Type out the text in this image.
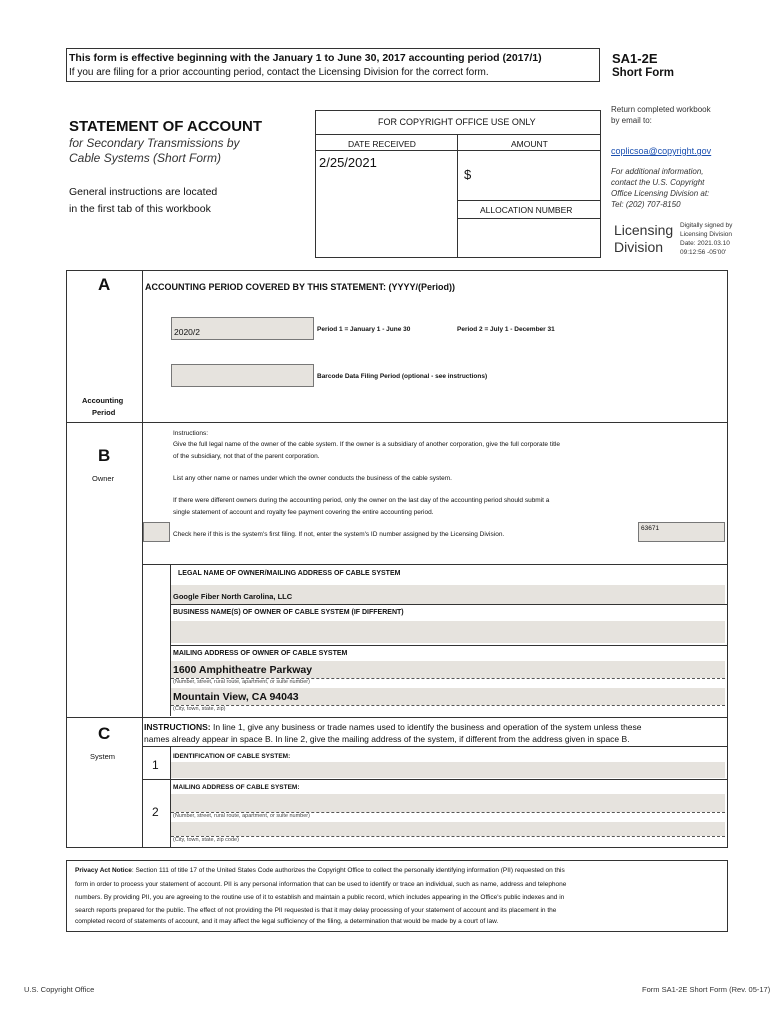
This form is effective beginning with the January 1 to June 30, 2017 accounting period (2017/1)
If you are filing for a prior accounting period, contact the Licensing Division for the correct form.
SA1-2E
Short Form
STATEMENT OF ACCOUNT
for Secondary Transmissions by
Cable Systems (Short Form)
General instructions are located
in the first tab of this workbook
FOR COPYRIGHT OFFICE USE ONLY
DATE RECEIVED	AMOUNT
2/25/2021
$
ALLOCATION NUMBER
Return completed workbook
by email to:
coplicsoa@copyright.gov
For additional information,
contact the U.S. Copyright
Office Licensing Division at:
Tel: (202) 707-8150
Licensing
Division
Digitally signed by
Licensing Division
Date: 2021.03.10
09:12:56 -05'00'
A
Accounting
Period
ACCOUNTING PERIOD COVERED BY THIS STATEMENT: (YYYY/(Period))
2020/2	Period 1 = January 1 - June 30	Period 2 = July 1 - December 31
Barcode Data Filing Period (optional - see instructions)
B
Owner
Instructions:
Give the full legal name of the owner of the cable system. If the owner is a subsidiary of another corporation, give the full corporate title
of the subsidiary, not that of the parent corporation.
List any other name or names under which the owner conducts the business of the cable system.
If there were different owners during the accounting period, only the owner on the last day of the accounting period should submit a
single statement of account and royalty fee payment covering the entire accounting period.
Check here if this is the system's first filing. If not, enter the system's ID number assigned by the Licensing Division.
63671
LEGAL NAME OF OWNER/MAILING ADDRESS OF CABLE SYSTEM
Google Fiber North Carolina, LLC
BUSINESS NAME(S) OF OWNER OF CABLE SYSTEM (IF DIFFERENT)
MAILING ADDRESS OF OWNER OF CABLE SYSTEM
1600 Amphitheatre Parkway
(Number, street, rural route, apartment, or suite number)
Mountain View, CA 94043
(City, town, state, zip)
C
System
INSTRUCTIONS: In line 1, give any business or trade names used to identify the business and operation of the system unless these
names already appear in space B. In line 2, give the mailing address of the system, if different from the address given in space B.
1
IDENTIFICATION OF CABLE SYSTEM:
2
MAILING ADDRESS OF CABLE SYSTEM:
(Number, street, rural route, apartment, or suite number)
(City, town, state, zip code)
Privacy Act Notice: Section 111 of title 17 of the United States Code authorizes the Copyright Office to collect the personally identifying information (PII) requested on this
form in order to process your statement of account. PII is any personal information that can be used to identify or trace an individual, such as name, address and telephone
numbers. By providing PII, you are agreeing to the routine use of it to establish and maintain a public record, which includes appearing in the Office's public indexes and in
search reports prepared for the public. The effect of not providing the PII requested is that it may delay processing of your statement of account and its placement in the
completed record of statements of account, and it may affect the legal sufficiency of the filing, a determination that would be made by a court of law.
U.S. Copyright Office	Form SA1-2E Short Form (Rev. 05-17)
